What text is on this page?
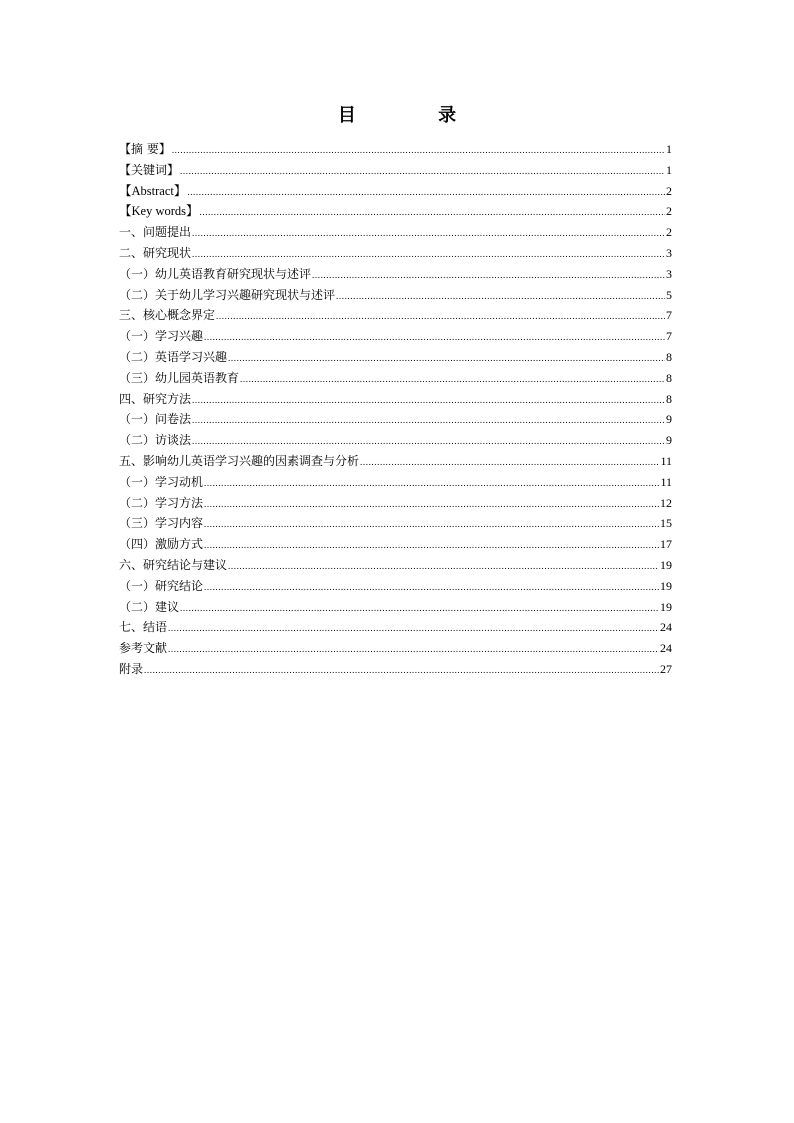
目 录
【摘 要】 .....	1
【关键词】 .....	1
【Abstract】 .....	2
【Key words】 .....	2
一、问题提出 .....	2
二、研究现状 .....	3
（一）幼儿英语教育研究现状与述评 .....	3
（二）关于幼儿学习兴趣研究现状与述评 .....	5
三、核心概念界定 .....	7
（一）学习兴趣 .....	7
（二）英语学习兴趣 .....	8
（三）幼儿园英语教育 .....	8
四、研究方法 .....	8
（一）问卷法 .....	9
（二）访谈法 .....	9
五、影响幼儿英语学习兴趣的因素调查与分析 .....	11
（一）学习动机 .....	11
（二）学习方法 .....	12
（三）学习内容 .....	15
（四）激励方式 .....	17
六、研究结论与建议 .....	19
（一）研究结论 .....	19
（二）建议 .....	19
七、结语 .....	24
参考文献 .....	24
附录 .....	27
